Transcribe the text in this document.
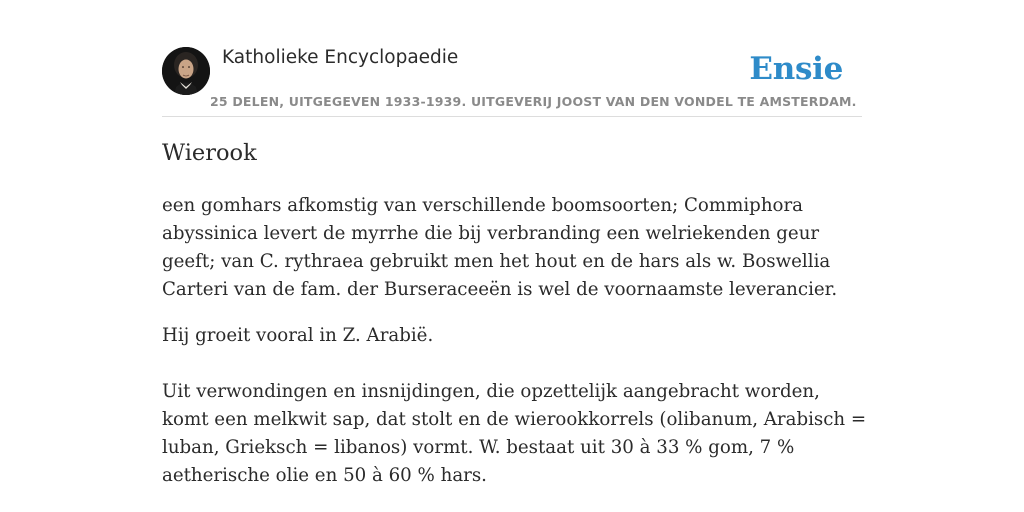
Katholieke Encyclopaedie	Ensie
25 DELEN, UITGEGEVEN 1933-1939. UITGEVERIJ JOOST VAN DEN VONDEL TE AMSTERDAM.
Wierook

een gomhars afkomstig van verschillende boomsoorten; Commiphora abyssinica levert de myrrhe die bij verbranding een welriekenden geur geeft; van C. rythraea gebruikt men het hout en de hars als w. Boswellia Carteri van de fam. der Burseraceeën is wel de voornaamste leverancier.

Hij groeit vooral in Z. Arabië.

Uit verwondingen en insnijdingen, die opzettelijk aangebracht worden, komt een melkwit sap, dat stolt en de wierookkorrels (olibanum, Arabisch = luban, Grieksch = libanos) vormt. W. bestaat uit 30 à 33 % gom, 7 % aetherische olie en 50 à 60 % hars.
